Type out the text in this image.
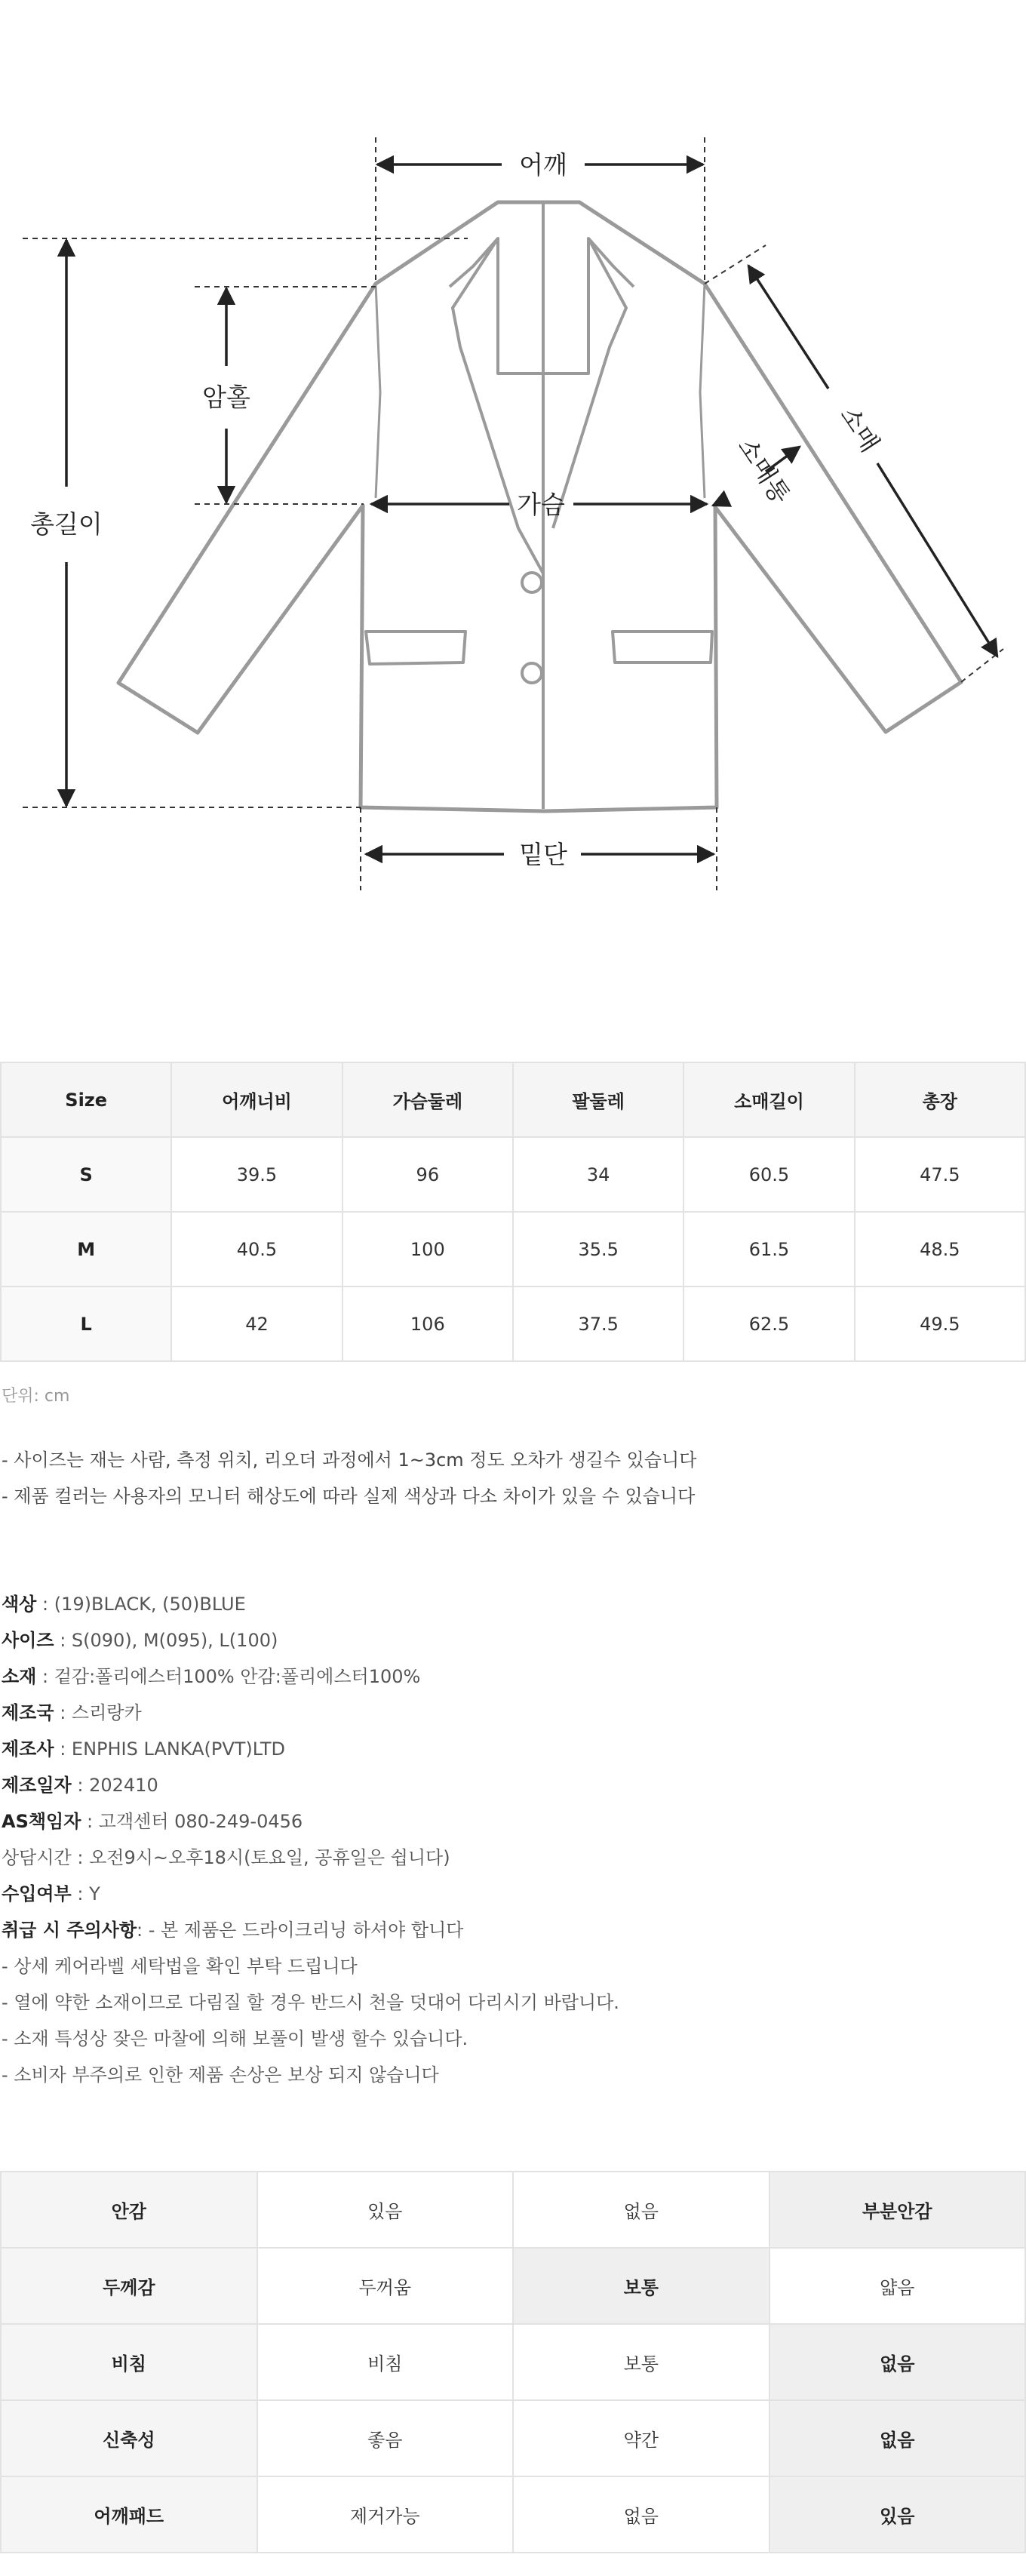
어깨
총길이
암홀
가슴
밑단
소매
소매통
Size	어깨너비	가슴둘레	팔둘레	소매길이	총장
S	39.5	96	34	60.5	47.5
M	40.5	100	35.5	61.5	48.5
L	42	106	37.5	62.5	49.5
단위: cm
- 사이즈는 재는 사람, 측정 위치, 리오더 과정에서 1~3cm 정도 오차가 생길수 있습니다
- 제품 컬러는 사용자의 모니터 해상도에 따라 실제 색상과 다소 차이가 있을 수 있습니다
색상 : (19)BLACK, (50)BLUE
사이즈 : S(090), M(095), L(100)
소재 : 겉감:폴리에스터100% 안감:폴리에스터100%
제조국 : 스리랑카
제조사 : ENPHIS LANKA(PVT)LTD
제조일자 : 202410
AS책임자 : 고객센터 080-249-0456
상담시간 : 오전9시~오후18시(토요일, 공휴일은 쉽니다)
수입여부 : Y
취급 시 주의사항: - 본 제품은 드라이크리닝 하셔야 합니다
- 상세 케어라벨 세탁법을 확인 부탁 드립니다
- 열에 약한 소재이므로 다림질 할 경우 반드시 천을 덧대어 다리시기 바랍니다.
- 소재 특성상 잦은 마찰에 의해 보풀이 발생 할수 있습니다.
- 소비자 부주의로 인한 제품 손상은 보상 되지 않습니다
안감	있음	없음	부분안감
두께감	두꺼움	보통	얇음
비침	비침	보통	없음
신축성	좋음	약간	없음
어깨패드	제거가능	없음	있음
